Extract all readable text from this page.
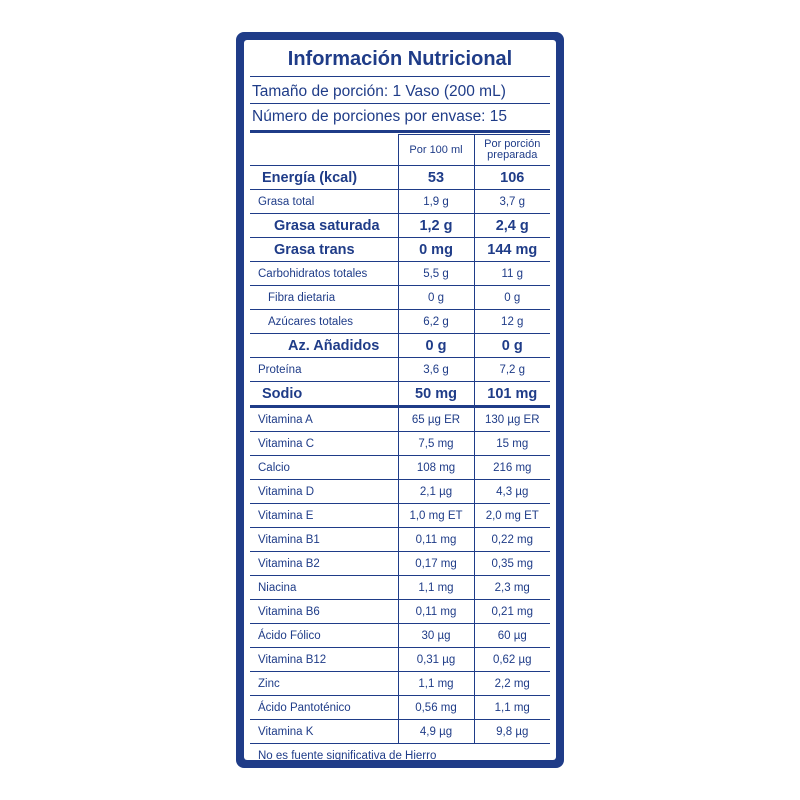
Información Nutricional
Tamaño de porción: 1 Vaso (200 mL)
Número de porciones por envase: 15
	Por 100 ml	Por porción preparada
Energía (kcal)	53	106
Grasa total	1,9 g	3,7 g
Grasa saturada	1,2 g	2,4 g
Grasa trans	0 mg	144 mg
Carbohidratos totales	5,5 g	11 g
Fibra dietaria	0 g	0 g
Azúcares totales	6,2 g	12 g
Az. Añadidos	0 g	0 g
Proteína	3,6 g	7,2 g
Sodio	50 mg	101 mg
Vitamina A	65 µg ER	130 µg ER
Vitamina C	7,5 mg	15 mg
Calcio	108 mg	216 mg
Vitamina D	2,1 µg	4,3 µg
Vitamina E	1,0 mg ET	2,0 mg ET
Vitamina B1	0,11 mg	0,22 mg
Vitamina B2	0,17 mg	0,35 mg
Niacina	1,1 mg	2,3 mg
Vitamina B6	0,11 mg	0,21 mg
Ácido Fólico	30 µg	60 µg
Vitamina B12	0,31 µg	0,62 µg
Zinc	1,1 mg	2,2 mg
Ácido Pantoténico	0,56 mg	1,1 mg
Vitamina K	4,9 µg	9,8 µg
No es fuente significativa de Hierro		
